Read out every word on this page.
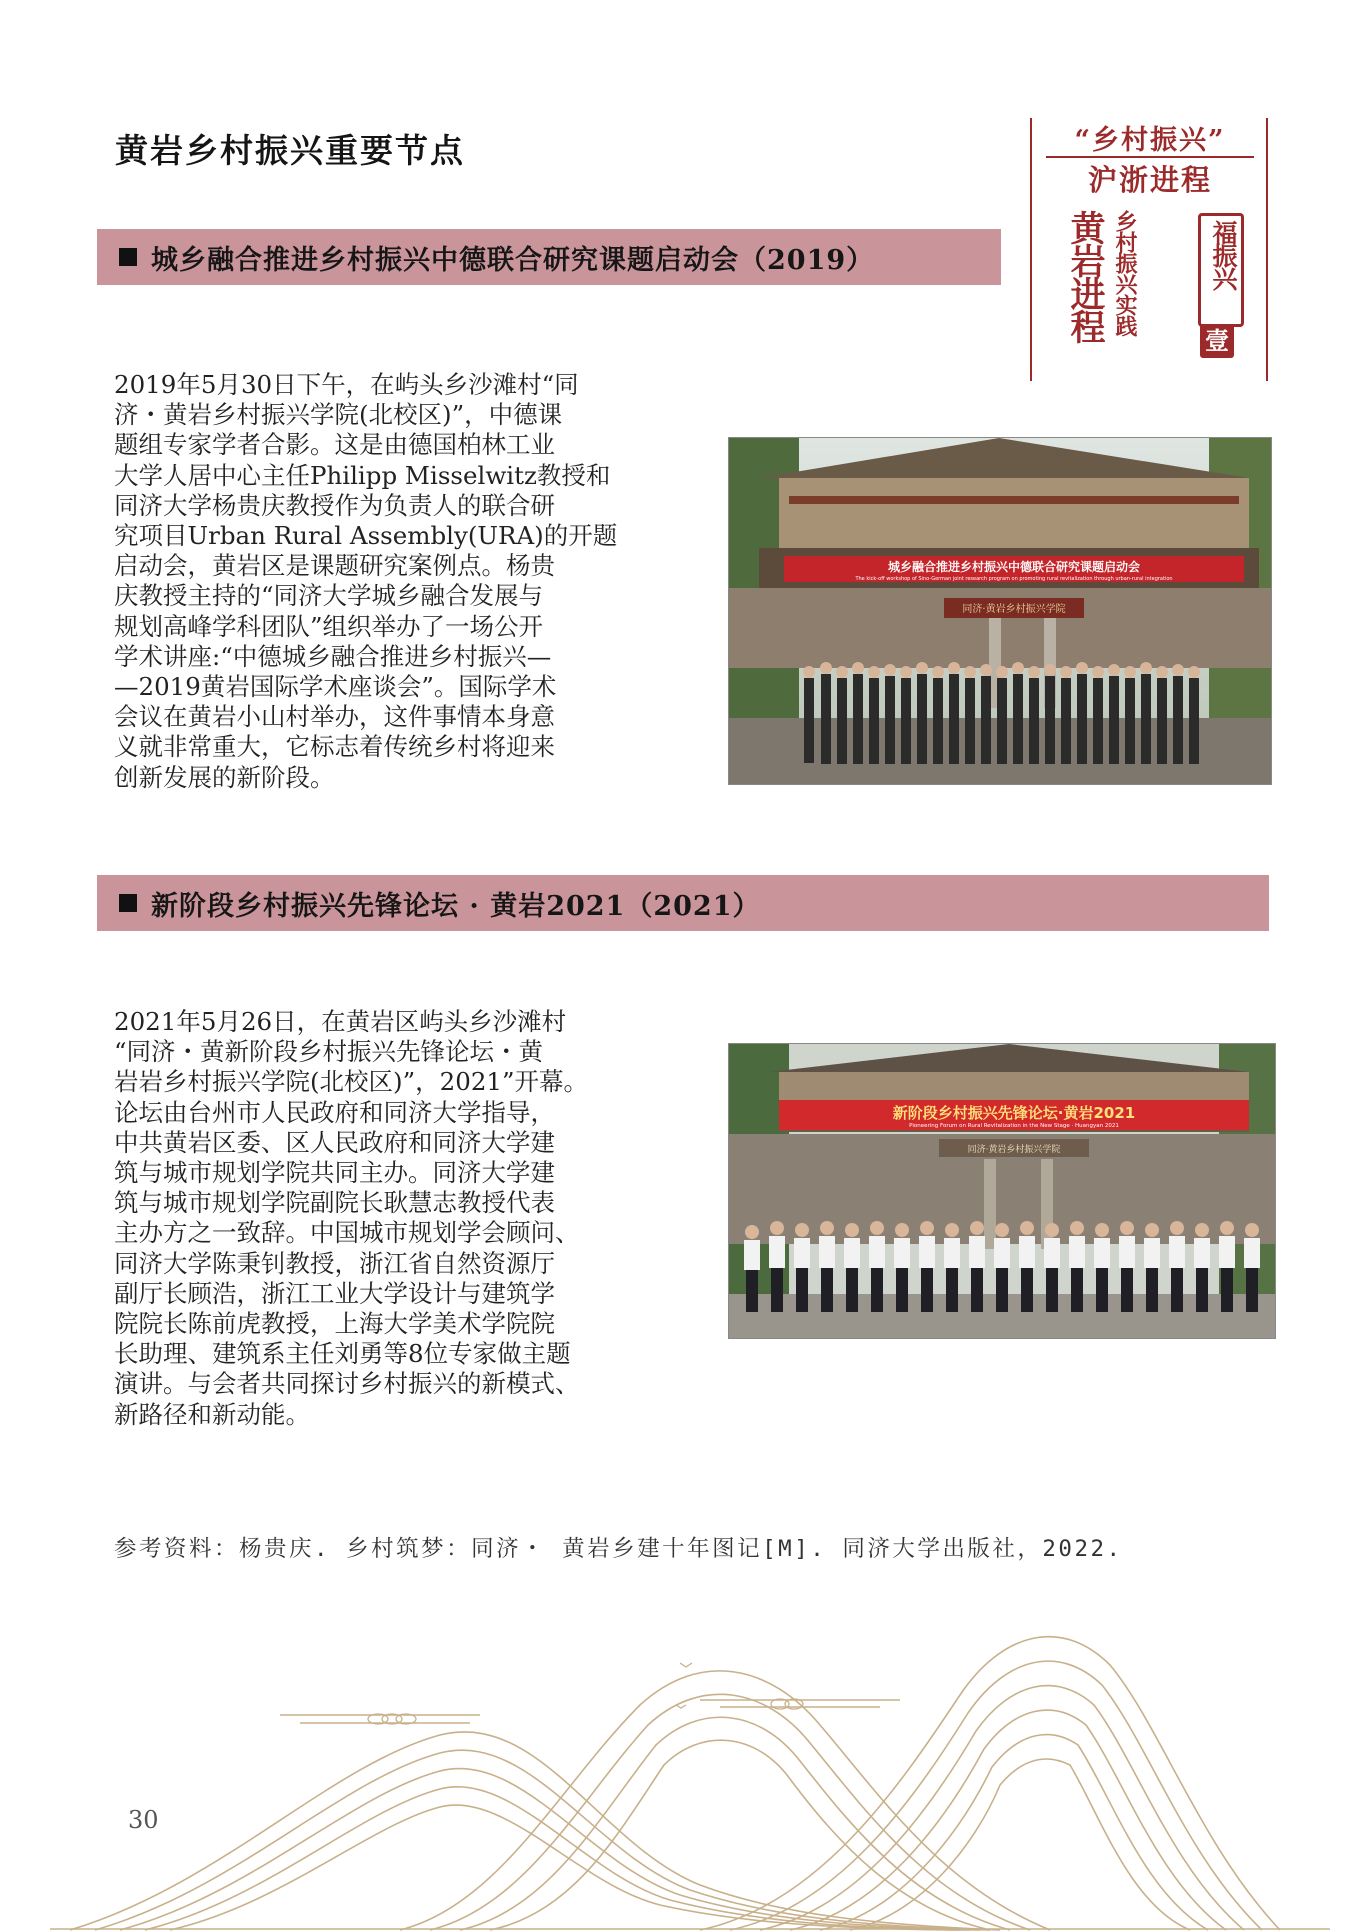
黄岩乡村振兴重要节点	“乡村振兴”
沪浙进程
黄岩进程 乡村振兴实践	福振兴
壹
城乡融合推进乡村振兴中德联合研究课题启动会（2019）
2019年5月30日下午，在屿头乡沙滩村“同
济・黄岩乡村振兴学院(北校区)”，中德课
题组专家学者合影。这是由德国柏林工业
大学人居中心主任Philipp Misselwitz教授和
同济大学杨贵庆教授作为负责人的联合研
究项目Urban Rural Assembly(URA)的开题
启动会，黄岩区是课题研究案例点。杨贵
庆教授主持的“同济大学城乡融合发展与
规划高峰学科团队”组织举办了一场公开
学术讲座:“中德城乡融合推进乡村振兴—
—2019黄岩国际学术座谈会”。国际学术
会议在黄岩小山村举办，这件事情本身意
义就非常重大，它标志着传统乡村将迎来
创新发展的新阶段。
城乡融合推进乡村振兴中德联合研究课题启动会
The kick-off workshop of Sino-German joint research program on promoting rural revitalization through urban-rural integration
同济·黄岩乡村振兴学院
新阶段乡村振兴先锋论坛 · 黄岩2021（2021）
2021年5月26日，在黄岩区屿头乡沙滩村
“同济・黄新阶段乡村振兴先锋论坛・黄
岩岩乡村振兴学院(北校区)”，2021”开幕。
论坛由台州市人民政府和同济大学指导，
中共黄岩区委、区人民政府和同济大学建
筑与城市规划学院共同主办。同济大学建
筑与城市规划学院副院长耿慧志教授代表
主办方之一致辞。中国城市规划学会顾问、
同济大学陈秉钊教授，浙江省自然资源厅
副厅长顾浩，浙江工业大学设计与建筑学
院院长陈前虎教授，上海大学美术学院院
长助理、建筑系主任刘勇等8位专家做主题
演讲。与会者共同探讨乡村振兴的新模式、
新路径和新动能。
新阶段乡村振兴先锋论坛·黄岩2021
Pioneering Forum on Rural Revitalization in the New Stage · Huangyan 2021
同济·黄岩乡村振兴学院
参考资料：杨贵庆. 乡村筑梦：同济・ 黄岩乡建十年图记[M]. 同济大学出版社，2022.
30
